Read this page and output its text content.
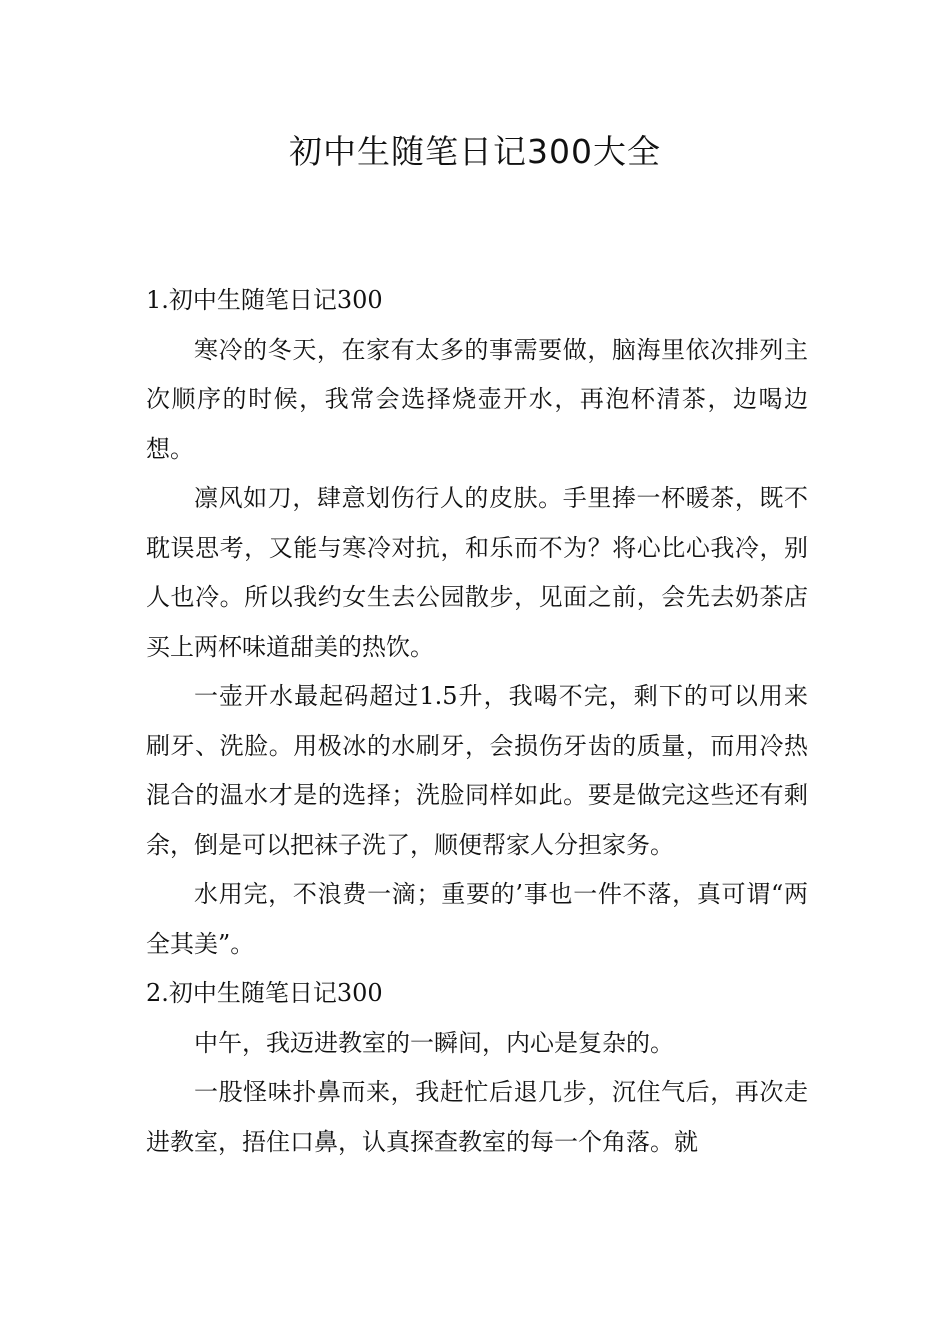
初中生随笔日记300大全

1.初中生随笔日记300

寒冷的冬天，在家有太多的事需要做，脑海里依次排列主次顺序的时候，我常会选择烧壶开水，再泡杯清茶，边喝边想。

凛风如刀，肆意划伤行人的皮肤。手里捧一杯暖茶，既不耽误思考，又能与寒冷对抗，和乐而不为？将心比心我冷，别人也冷。所以我约女生去公园散步，见面之前，会先去奶茶店买上两杯味道甜美的热饮。

一壶开水最起码超过1.5升，我喝不完，剩下的可以用来刷牙、洗脸。用极冰的水刷牙，会损伤牙齿的质量，而用冷热混合的温水才是的选择；洗脸同样如此。要是做完这些还有剩余，倒是可以把袜子洗了，顺便帮家人分担家务。

水用完，不浪费一滴；重要的’事也一件不落，真可谓“两全其美”。

2.初中生随笔日记300

中午，我迈进教室的一瞬间，内心是复杂的。

一股怪味扑鼻而来，我赶忙后退几步，沉住气后，再次走进教室，捂住口鼻，认真探查教室的每一个角落。就
